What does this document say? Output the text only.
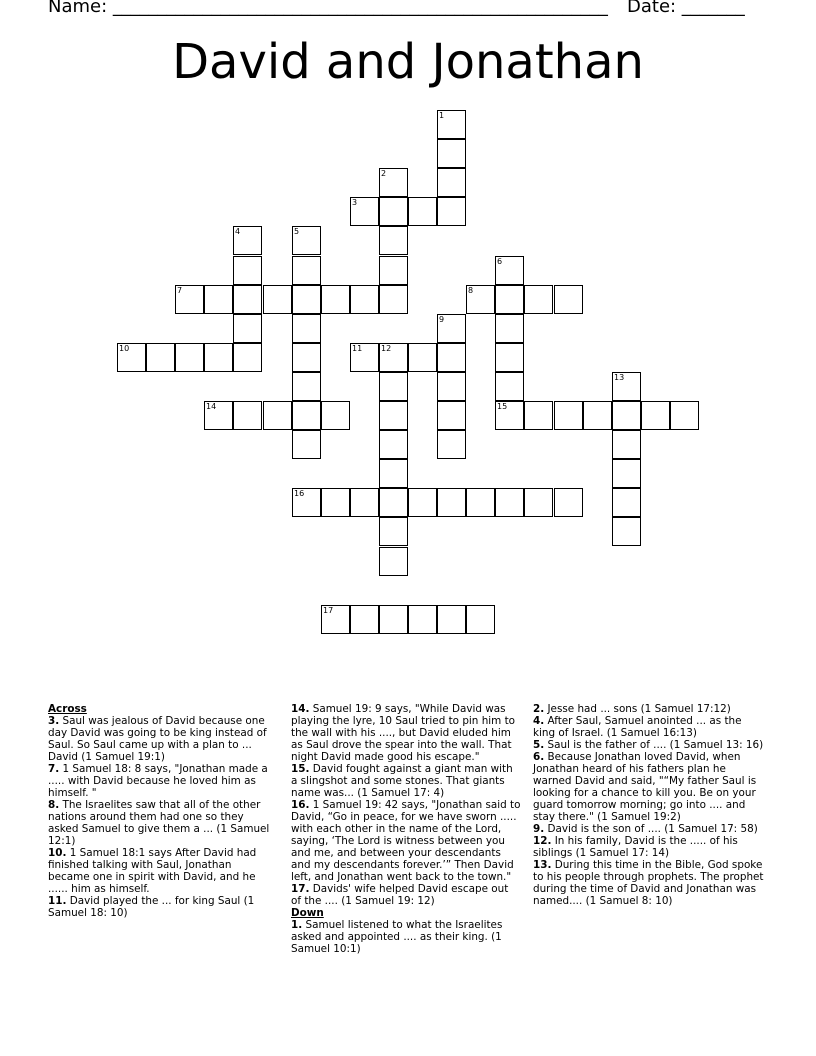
Name: _______________________________________________________ Date: _______
David and Jonathan
1
2
3
4	5
6
7	8
9
10	11 12
13
14	15
16
17
Across
3. Saul was jealous of David because one day David was going to be king instead of Saul. So Saul came up with a plan to ... David (1 Samuel 19:1)
7. 1 Samuel 18: 8 says, "Jonathan made a ..... with David because he loved him as himself. "
8. The Israelites saw that all of the other nations around them had one so they asked Samuel to give them a ... (1 Samuel 12:1)
10. 1 Samuel 18:1 says After David had finished talking with Saul, Jonathan became one in spirit with David, and he ...... him as himself.
11. David played the ... for king Saul (1 Samuel 18: 10)
14. Samuel 19: 9 says, "While David was playing the lyre, 10 Saul tried to pin him to the wall with his ...., but David eluded him as Saul drove the spear into the wall. That night David made good his escape."
15. David fought against a giant man with a slingshot and some stones. That giants name was... (1 Samuel 17: 4)
16. 1 Samuel 19: 42 says, "Jonathan said to David, “Go in peace, for we have sworn ..... with each other in the name of the Lord, saying, ‘The Lord is witness between you and me, and between your descendants and my descendants forever.’” Then David left, and Jonathan went back to the town."
17. Davids' wife helped David escape out of the .... (1 Samuel 19: 12)
Down
1. Samuel listened to what the Israelites asked and appointed .... as their king. (1 Samuel 10:1)
2. Jesse had ... sons (1 Samuel 17:12)
4. After Saul, Samuel anointed ... as the king of Israel. (1 Samuel 16:13)
5. Saul is the father of .... (1 Samuel 13: 16)
6. Because Jonathan loved David, when Jonathan heard of his fathers plan he warned David and said, "“My father Saul is looking for a chance to kill you. Be on your guard tomorrow morning; go into .... and stay there." (1 Samuel 19:2)
9. David is the son of .... (1 Samuel 17: 58)
12. In his family, David is the ..... of his siblings (1 Samuel 17: 14)
13. During this time in the Bible, God spoke to his people through prophets. The prophet during the time of David and Jonathan was named.... (1 Samuel 8: 10)
